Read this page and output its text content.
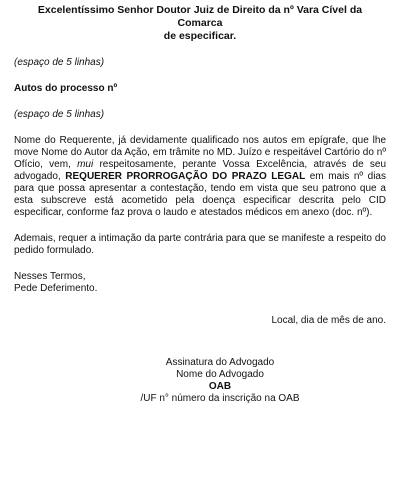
Excelentíssimo Senhor Doutor Juiz de Direito da nº Vara Cível da Comarca
de especificar.
(espaço de 5 linhas)
Autos do processo nº
(espaço de 5 linhas)
Nome do Requerente, já devidamente qualificado nos autos em epígrafe, que lhe move Nome do Autor da Ação, em trâmite no MD. Juízo e respeitável Cartório do nº Ofício, vem, mui respeitosamente, perante Vossa Excelência, através de seu advogado, REQUERER PRORROGAÇÃO DO PRAZO LEGAL em mais nº dias para que possa apresentar a contestação, tendo em vista que seu patrono que a esta subscreve está acometido pela doença especificar descrita pelo CID especificar, conforme faz prova o laudo e atestados médicos em anexo (doc. nº).
Ademais, requer a intimação da parte contrária para que se manifeste a respeito do pedido formulado.
Nesses Termos,
Pede Deferimento.
Local, dia de mês de ano.
Assinatura do Advogado
Nome do Advogado
OAB
/UF n° número da inscrição na OAB
